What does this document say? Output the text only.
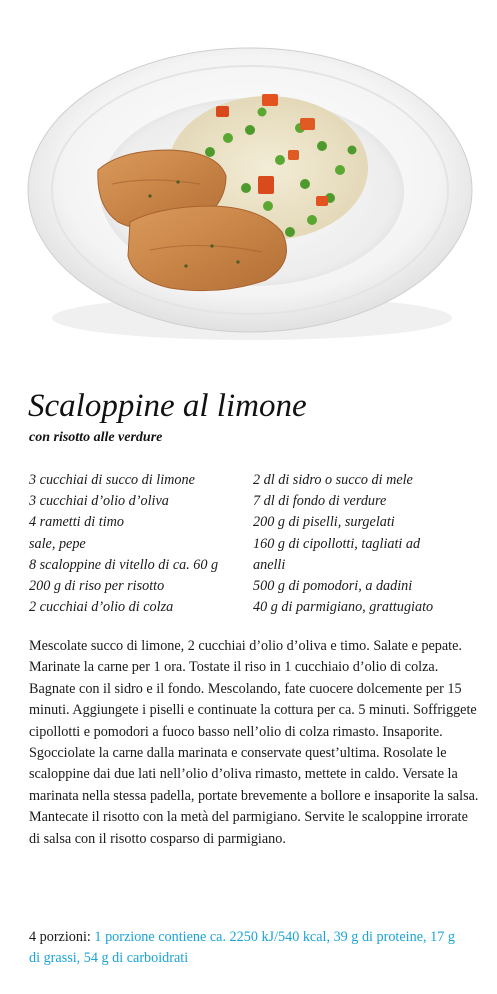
Scaloppine al limone
con risotto alle verdure
3 cucchiai di succo di limone
3 cucchiai d’olio d’oliva
4 rametti di timo
sale, pepe
8 scaloppine di vitello di ca. 60 g
200 g di riso per risotto
2 cucchiai d’olio di colza
2 dl di sidro o succo di mele
7 dl di fondo di verdure
200 g di piselli, surgelati
160 g di cipollotti, tagliati ad
anelli
500 g di pomodori, a dadini
40 g di parmigiano, grattugiato

Mescolate succo di limone, 2 cucchiai d’olio d’oliva e timo. Salate e pepate. Marinate la carne per 1 ora. Tostate il riso in 1 cucchiaio d’olio di colza. Bagnate con il sidro e il fondo. Mescolando, fate cuocere dolcemente per 15 minuti. Aggiungete i piselli e continuate la cottura per ca. 5 minuti. Soffriggete cipollotti e pomodori a fuoco basso nell’olio di colza rimasto. Insaporite. Sgocciolate la carne dalla marinata e conservate quest’ultima. Rosolate le scaloppine dai due lati nell’olio d’oliva rimasto, mettete in caldo. Versate la marinata nella stessa padella, portate brevemente a bollore e insaporite la salsa. Mantecate il risotto con la metà del parmigiano. Servite le scaloppine irrorate di salsa con il risotto cosparso di parmigiano.

4 porzioni: 1 porzione contiene ca. 2250 kJ/540 kcal, 39 g di proteine, 17 g di grassi, 54 g di carboidrati
